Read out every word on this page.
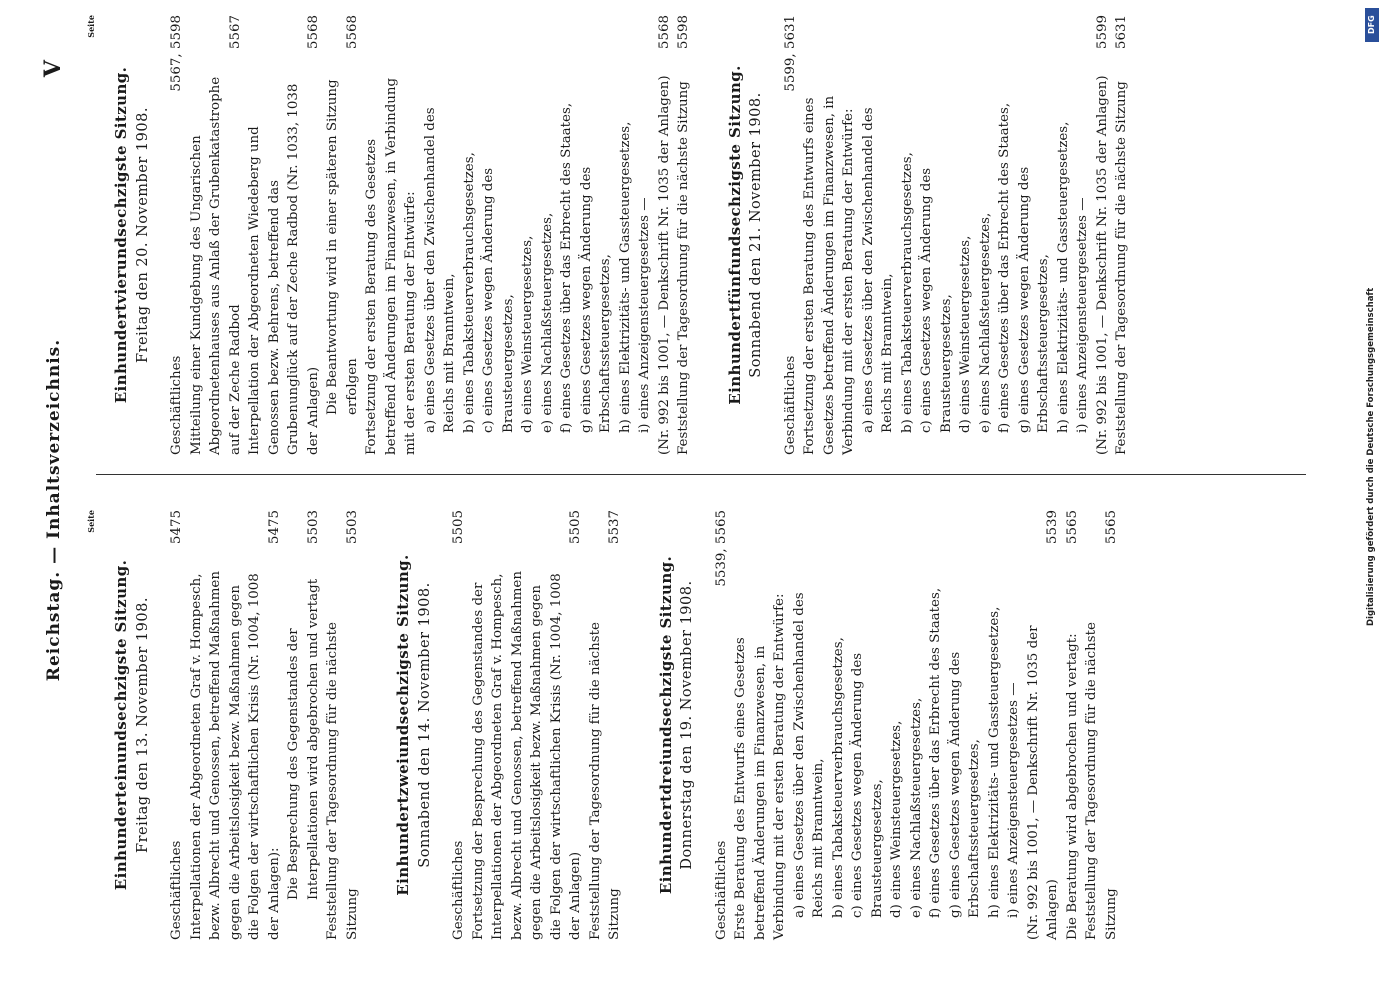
Reichstag. — Inhaltsverzeichnis.
V
Seite
Einhunderteinundsechzigste Sitzung. Freitag den 13. November 1908.
Geschäftliches
5475
Interpellationen der Abgeordneten Graf v. Hompesch, bezw. Albrecht und Genossen, betreffend Maßnahmen gegen die Arbeitslosigkeit bezw. Maßnahmen gegen die Folgen der wirtschaftlichen Krisis (Nr. 1004, 1008 der Anlagen):
5475
Die Besprechung des Gegenstandes der Interpellationen wird abgebrochen und vertagt
5503
Feststellung der Tagesordnung für die nächste Sitzung
5503
Einhundertzweiundsechzigste Sitzung. Sonnabend den 14. November 1908.
Geschäftliches
5505
Fortsetzung der Besprechung des Gegenstandes der Interpellationen der Abgeordneten Graf v. Hompesch, bezw. Albrecht und Genossen, betreffend Maßnahmen gegen die Arbeitslosigkeit bezw. Maßnahmen gegen die Folgen der wirtschaftlichen Krisis (Nr. 1004, 1008 der Anlagen)
5505
Feststellung der Tagesordnung für die nächste Sitzung
5537
Einhundertdreiundsechzigste Sitzung. Donnerstag den 19. November 1908.
Geschäftliches
5539, 5565
Erste Beratung des Entwurfs eines Gesetzes betreffend Änderungen im Finanzwesen, in Verbindung mit der ersten Beratung der Entwürfe: a) eines Gesetzes über den Zwischenhandel des Reichs mit Branntwein, b) eines Tabaksteuerverbrauchsgesetzes, c) eines Gesetzes wegen Änderung des Brausteuergesetzes, d) eines Weinsteuergesetzes, e) eines Nachlaßsteuergesetzes, f) eines Gesetzes über das Erbrecht des Staates, g) eines Gesetzes wegen Änderung des Erbschaftssteuergesetzes, h) eines Elektrizitäts- und Gassteuergesetzes, i) eines Anzeigensteuergesetzes — (Nr. 992 bis 1001, — Denkschrift Nr. 1035 der Anlagen)
5539
Die Beratung wird abgebrochen und vertagt:
5565
Feststellung der Tagesordnung für die nächste Sitzung
5565
Seite
Einhundertvierundsechzigste Sitzung. Freitag den 20. November 1908.
Geschäftliches
5567, 5598
Mitteilung einer Kundgebung des Ungarischen Abgeordnetenhauses aus Anlaß der Grubenkatastrophe auf der Zeche Radbod
5567
Interpellation der Abgeordneten Wiedeberg und Genossen bezw. Behrens, betreffend das Grubenunglück auf der Zeche Radbod (Nr. 1033, 1038 der Anlagen)
5568
Die Beantwortung wird in einer späteren Sitzung erfolgen
5568
Fortsetzung der ersten Beratung des Gesetzes betreffend Änderungen im Finanzwesen, in Verbindung mit der ersten Beratung der Entwürfe: a) eines Gesetzes über den Zwischenhandel des Reichs mit Branntwein, b) eines Tabaksteuerverbrauchsgesetzes, c) eines Gesetzes wegen Änderung des Brausteuergesetzes, d) eines Weinsteuergesetzes, e) eines Nachlaßsteuergesetzes, f) eines Gesetzes über das Erbrecht des Staates, g) eines Gesetzes wegen Änderung des Erbschaftssteuergesetzes, h) eines Elektrizitäts- und Gassteuergesetzes, i) eines Anzeigensteuergesetzes — (Nr. 992 bis 1001, — Denkschrift Nr. 1035 der Anlagen)
5568
Feststellung der Tagesordnung für die nächste Sitzung
5598
Einhundertfünfundsechzigste Sitzung. Sonnabend den 21. November 1908.
Geschäftliches
5599, 5631
Fortsetzung der ersten Beratung des Entwurfs eines Gesetzes betreffend Änderungen im Finanzwesen, in Verbindung mit der ersten Beratung der Entwürfe: a) eines Gesetzes über den Zwischenhandel des Reichs mit Branntwein, b) eines Tabaksteuerverbrauchsgesetzes, c) eines Gesetzes wegen Änderung des Brausteuergesetzes, d) eines Weinsteuergesetzes, e) eines Nachlaßsteuergesetzes, f) eines Gesetzes über das Erbrecht des Staates, g) eines Gesetzes wegen Änderung des Erbschaftssteuergesetzes, h) eines Elektrizitäts- und Gassteuergesetzes, i) eines Anzeigensteuergesetzes — (Nr. 992 bis 1001, — Denkschrift Nr. 1035 der Anlagen)
5599
Feststellung der Tagesordnung für die nächste Sitzung
5631	DFG
Digitalisierung gefördert durch die Deutsche Forschungsgemeinschaft
